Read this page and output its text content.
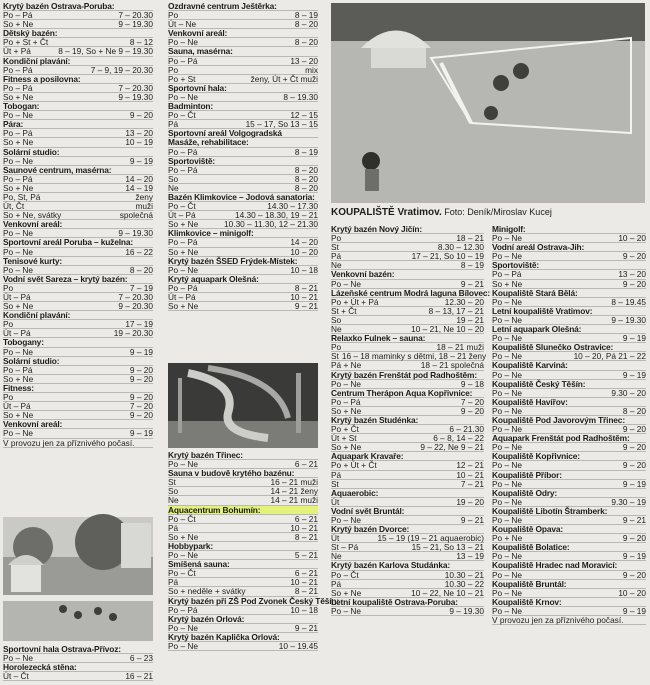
Krytý bazén Ostrava-Poruba:
Po – Pá	7 – 20.30
So + Ne	9 – 19.30
Dětský bazén:
Po + St + Čt	8 – 12
Út + Pá	8 – 19, So + Ne 9 – 19.30
Kondiční plavání:
Po – Pá	7 – 9, 19 – 20.30
Fitness a posilovna:
Po – Pá	7 – 20.30
So + Ne	9 – 19.30
Tobogan:
Po – Ne	9 – 20
Pára:
Po – Pá	13 – 20
So + Ne	10 – 19
Solární studio:
Po – Ne	9 – 19
Saunové centrum, masérna:
Po – Pá	14 – 20
So + Ne	14 – 19
Po, St, Pá	ženy
Út, Čt	muži
So + Ne, svátky	společná
Venkovní areál:
Po – Ne	9 – 19.30
Sportovní areál Poruba – kuželna:
Po – Ne	16 – 22
Tenisové kurty:
Po – Ne	8 – 20
Vodní svět Sareza – krytý bazén:
Po	7 – 19
Út – Pá	7 – 20.30
So + Ne	9 – 20.30
Kondiční plavání:
Po	17 – 19
Út – Pá	19 – 20.30
Tobogany:
Po – Ne	9 – 19
Solární studio:
Po – Pá	9 – 20
So + Ne	9 – 20
Fitness:
Po	9 – 20
Út – Pá	7 – 20
So + Ne	9 – 20
Venkovní areál:
Po – Ne	9 – 19
V provozu jen za příznivého počasí.
Sportovní hala Ostrava-Přívoz:
Po – Ne	6 – 23
Horolezecká stěna:
Út – Čt	16 – 21
Ozdravné centrum Ještěrka:
Po	8 – 19
Út – Ne	8 – 20
Venkovní areál:
Po – Ne	8 – 20
Sauna, masérna:
Po – Pá	13 – 20
Po	mix
Po + St	ženy, Út + Čt muži
Sportovní hala:
Po – Ne	8 – 19.30
Badminton:
Po – Čt	12 – 15
Pá	15 – 17, So 13 – 15
Sportovní areál Volgogradská
Masáže, rehabilitace:
Po – Pá	8 – 19
Sportoviště:
Po – Pá	8 – 20
So	8 – 20
Ne	8 – 20
Bazén Klimkovice – Jodová sanatoria:
Po – Čt	14.30 – 17.30
Út – Pá	14.30 – 18.30, 19 – 21
So + Ne	10.30 – 11.30, 12 – 21.30
Klimkovice – minigolf:
Po – Pá	14 – 20
So + Ne	10 – 20
Krytý bazén ŠSED Frýdek-Místek:
Po – Ne	10 – 18
Krytý aquapark Olešná:
Po – Pá	8 – 21
Út – Pá	10 – 21
So + Ne	9 – 21
Krytý bazén Třinec:
Po – Ne	6 – 21
Sauna v budově krytého bazénu:
St	16 – 21 muži
So	14 – 21 ženy
Ne	14 – 21 muži
Aquacentrum Bohumín:
Po – Čt	6 – 21
Pá	10 – 21
So + Ne	8 – 21
Hobbypark:
Po – Ne	5 – 21
Smíšená sauna:
Po – Čt	6 – 21
Pá	10 – 21
So + neděle + svátky	8 – 21
Krytý bazén při ZŠ Pod Zvonek Český Těšín:
Po – Pá	10 – 18
Krytý bazén Orlová:
Po – Ne	9 – 21
Krytý bazén Kaplička Orlová:
Po – Ne	10 – 19.45
Krytý bazén Nový Jičín:
Po	18 – 21
St	8.30 – 12.30
Pá	17 – 21, So 10 – 19
Ne	8 – 19
Venkovní bazén:
Po – Ne	9 – 21
Lázeňské centrum Modrá laguna Bílovec:
Po + Út + Pá	12.30 – 20
St + Čt	8 – 13, 17 – 21
So	19 – 21
Ne	10 – 21, Ne 10 – 20
Relaxko Fulnek – sauna:
Po	18 – 21 muži
St 16 – 18 maminky s dětmi, 18 – 21 ženy
Pá + Ne	18 – 21 společná
Krytý bazén Frenštát pod Radhoštěm:
Po – Ne	9 – 18
Centrum Therápon Aqua Kopřivnice:
Po – Pá	7 – 20
So + Ne	9 – 20
Krytý bazén Studénka:
Po + Čt	6 – 21.30
Út + St	6 – 8, 14 – 22
So + Ne	9 – 22, Ne 9 – 21
Aquapark Kravaře:
Po + Út + Čt	12 – 21
Pá	10 – 21
St	7 – 21
Aquaerobic:
Út	19 – 20
Vodní svět Bruntál:
Po – Ne	9 – 21
Krytý bazén Dvorce:
Út	15 – 19 (19 – 21 aquaerobic)
St – Pá	15 – 21, So 13 – 21
Ne	13 – 19
Krytý bazén Karlova Studánka:
Po – Čt	10.30 – 21
Pá	10.30 – 22
So + Ne	10 – 22, Ne 10 – 21
Letní koupaliště Ostrava-Poruba:
Po – Ne	9 – 19.30
Minigolf:
Po – Ne	10 – 20
Vodní areál Ostrava-Jih:
Po – Ne	9 – 20
Sportoviště:
Po – Pá	13 – 20
So + Ne	9 – 20
Koupaliště Stará Bělá:
Po – Ne	8 – 19.45
Letní koupaliště Vratimov:
Po – Ne	9 – 19.30
Letní aquapark Olešná:
Po – Ne	9 – 19
Koupaliště Slunečko Ostravice:
Po – Ne	10 – 20, Pá 21 – 22
Koupaliště Karviná:
Po – Ne	9 – 19
Koupaliště Český Těšín:
Po – Ne	9.30 – 20
Koupaliště Havířov:
Po – Ne	8 – 20
Koupaliště Pod Javorovým Třinec:
Po – Ne	9 – 20
Aquapark Frenštát pod Radhoštěm:
Po – Ne	9 – 20
Koupaliště Kopřivnice:
Po – Ne	9 – 20
Koupaliště Příbor:
Po – Ne	9 – 19
Koupaliště Odry:
Po – Ne	9.30 – 19
Koupaliště Libotín Štramberk:
Po – Ne	9 – 21
Koupaliště Opava:
Po + Ne	9 – 20
Koupaliště Bolatice:
Po – Ne	9 – 19
Koupaliště Hradec nad Moravicí:
Po – Ne	9 – 20
Koupaliště Bruntál:
Po – Ne	10 – 20
Koupaliště Krnov:
Po – Ne	9 – 19
V provozu jen za příznivého počasí.
KOUPALIŠTĚ Vratimov. Foto: Deník/Miroslav Kucej
